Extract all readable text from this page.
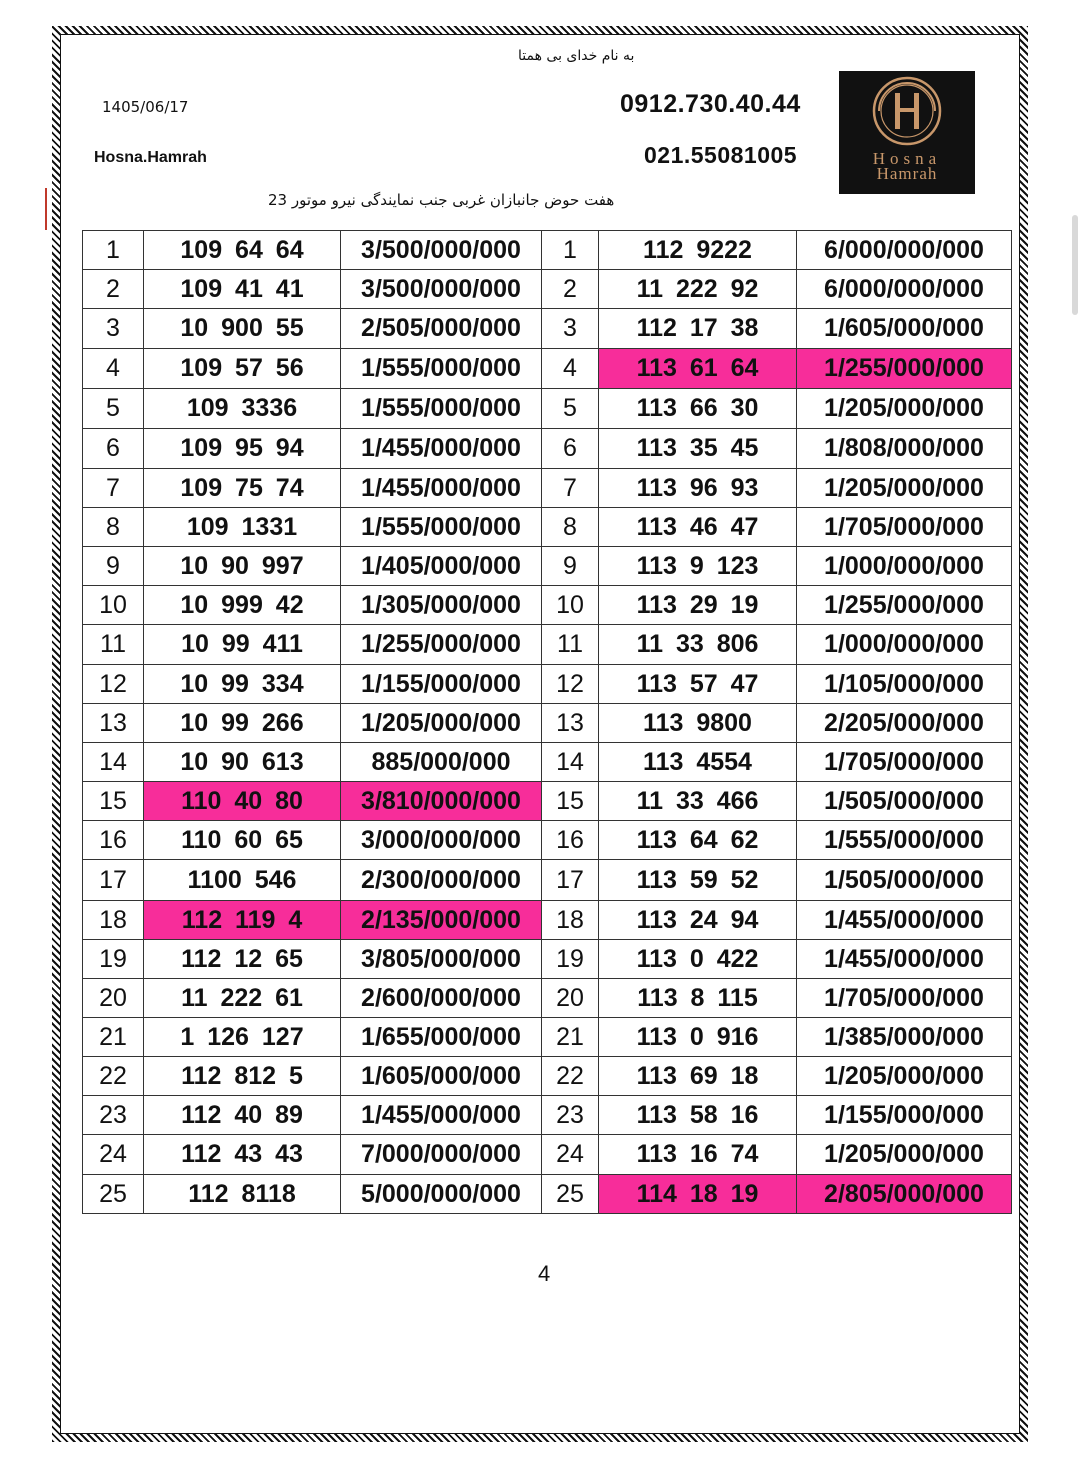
به نام خدای بی همتا
1405/06/17	0912.730.40.44
Hosna.Hamrah	021.55081005
هفت حوض جانبازان غربی جنب نمایندگی نیرو موتور 23
Hosna
Hamrah
1	109 64 64	3/500/000/000	1	112 9222	6/000/000/000
2	109 41 41	3/500/000/000	2	11 222 92	6/000/000/000
3	10 900 55	2/505/000/000	3	112 17 38	1/605/000/000
4	109 57 56	1/555/000/000	4	113 61 64	1/255/000/000
5	109 3336	1/555/000/000	5	113 66 30	1/205/000/000
6	109 95 94	1/455/000/000	6	113 35 45	1/808/000/000
7	109 75 74	1/455/000/000	7	113 96 93	1/205/000/000
8	109 1331	1/555/000/000	8	113 46 47	1/705/000/000
9	10 90 997	1/405/000/000	9	113 9 123	1/000/000/000
10	10 999 42	1/305/000/000	10	113 29 19	1/255/000/000
11	10 99 411	1/255/000/000	11	11 33 806	1/000/000/000
12	10 99 334	1/155/000/000	12	113 57 47	1/105/000/000
13	10 99 266	1/205/000/000	13	113 9800	2/205/000/000
14	10 90 613	885/000/000	14	113 4554	1/705/000/000
15	110 40 80	3/810/000/000	15	11 33 466	1/505/000/000
16	110 60 65	3/000/000/000	16	113 64 62	1/555/000/000
17	1100 546	2/300/000/000	17	113 59 52	1/505/000/000
18	112 119 4	2/135/000/000	18	113 24 94	1/455/000/000
19	112 12 65	3/805/000/000	19	113 0 422	1/455/000/000
20	11 222 61	2/600/000/000	20	113 8 115	1/705/000/000
21	1 126 127	1/655/000/000	21	113 0 916	1/385/000/000
22	112 812 5	1/605/000/000	22	113 69 18	1/205/000/000
23	112 40 89	1/455/000/000	23	113 58 16	1/155/000/000
24	112 43 43	7/000/000/000	24	113 16 74	1/205/000/000
25	112 8118	5/000/000/000	25	114 18 19	2/805/000/000
4
